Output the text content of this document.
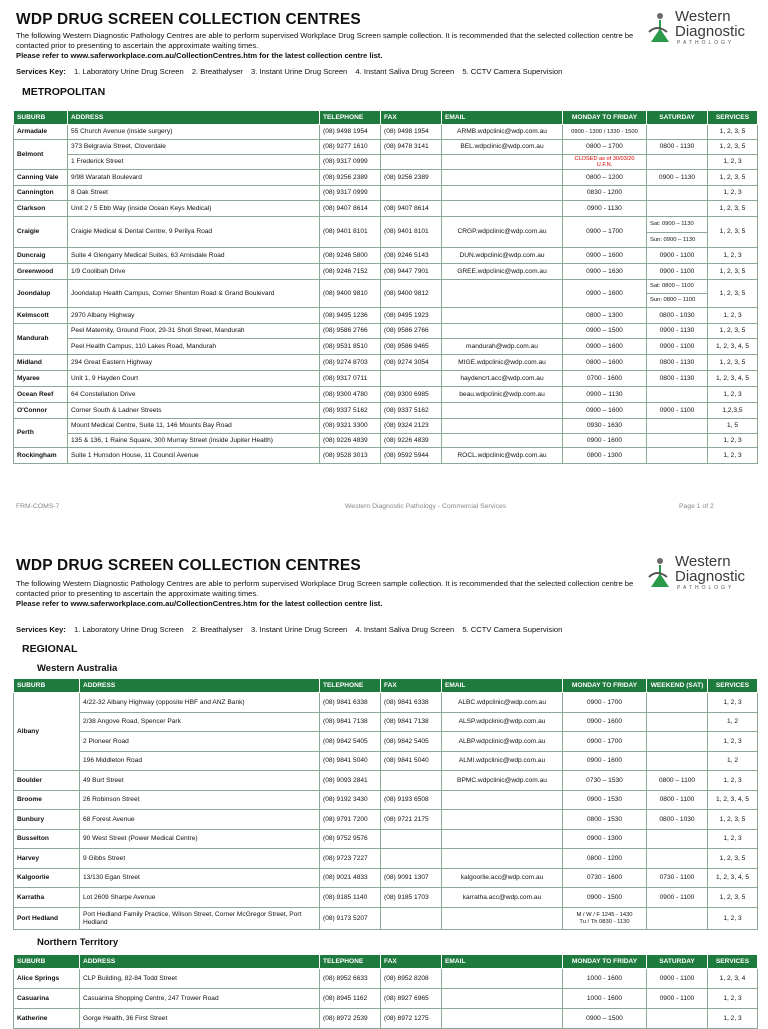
WDP DRUG SCREEN COLLECTION CENTRES	Western
Diagnostic
PATHOLOGY
The following Western Diagnostic Pathology Centres are able to perform supervised Workplace Drug Screen sample collection. It is recommended that the selected collection centre be contacted prior to presenting to ascertain the approximate waiting times.
Please refer to www.saferworkplace.com.au/CollectionCentres.htm for the latest collection centre list.
Services Key: 1. Laboratory Urine Drug Screen 2. Breathalyser 3. Instant Urine Drug Screen 4. Instant Saliva Drug Screen 5. CCTV Camera Supervision
METROPOLITAN
SUBURB	ADDRESS	TELEPHONE	FAX	EMAIL	MONDAY TO FRIDAY	SATURDAY	SERVICES
Armadale	55 Church Avenue (inside surgery)	(08) 9498 1954	(08) 9498 1954	ARMB.wdpclinic@wdp.com.au	0900 - 1300 / 1330 - 1500		1, 2, 3, 5
Belmont	373 Belgravia Street, Cloverdale	(08) 9277 1610	(08) 9478 3141	BEL.wdpclinic@wdp.com.au	0800 – 1700	0800 - 1130	1, 2, 3, 5
	1 Frederick Street	(08) 9317 0999			CLOSED as of 30/03/20 U.F.N.		1, 2, 3
Canning Vale	9/98 Waratah Boulevard	(08) 9256 2389	(08) 9256 2389		0800 – 1200	0900 – 1130	1, 2, 3, 5
Cannington	8 Oak Street	(08) 9317 0999			0830 - 1200		1, 2, 3
Clarkson	Unit 2 / 5 Ebb Way (inside Ocean Keys Medical)	(08) 9407 8614	(08) 9407 8614		0900 - 1130		1, 2, 3, 5
Craigie	Craigie Medical & Dental Centre, 9 Perilya Road	(08) 9401 8101	(08) 9401 8101	CRGP.wdpclinic@wdp.com.au	0900 – 1700	Sat: 0900 – 1130
Sun: 0900 – 1130	1, 2, 3, 5
Duncraig	Suite 4 Glengarry Medical Suites, 63 Arnisdale Road	(08) 9246 5800	(08) 9246 5143	DUN.wdpclinic@wdp.com.au	0900 – 1600	0900 - 1100	1, 2, 3
Greenwood	1/9 Coolibah Drive	(08) 9246 7152	(08) 9447 7901	GREE.wdpclinic@wdp.com.au	0900 – 1630	0900 - 1100	1, 2, 3, 5
Joondalup	Joondalup Health Campus, Corner Shenton Road & Grand Boulevard	(08) 9400 9810	(08) 9400 9812		0900 – 1600	Sat: 0800 – 1100
Sun: 0800 – 1100	1, 2, 3, 5
Kelmscott	2970 Albany Highway	(08) 9495 1236	(08) 9495 1923		0800 – 1300	0800 - 1030	1, 2, 3
Mandurah	Peel Maternity, Ground Floor, 29-31 Sholl Street, Mandurah	(08) 9586 2766	(08) 9586 2766		0900 – 1500	0900 - 1130	1, 2, 3, 5
	Peel Health Campus, 110 Lakes Road, Mandurah	(08) 9531 8510	(08) 9586 9465	mandurah@wdp.com.au	0900 – 1600	0900 - 1100	1, 2, 3, 4, 5
Midland	294 Great Eastern Highway	(08) 9274 8703	(08) 9274 3054	MIGE.wdpclinic@wdp.com.au	0800 – 1600	0800 - 1130	1, 2, 3, 5
Myaree	Unit 1, 9 Hayden Court	(08) 9317 0711		haydencrt.acc@wdp.com.au	0700 - 1600	0800 - 1130	1, 2, 3, 4, 5
Ocean Reef	64 Constellation Drive	(08) 9300 4780	(08) 9300 6985	beau.wdpclinic@wdp.com.au	0900 – 1130		1, 2, 3
O'Connor	Corner South & Ladner Streets	(08) 9337 5162	(08) 9337 5162		0900 – 1600	0900 - 1100	1,2,3,5
Perth	Mount Medical Centre, Suite 11, 146 Mounts Bay Road	(08) 9321 3300	(08) 9324 2123		0930 - 1630		1, 5
	135 & 136, 1 Raine Square, 300 Murray Street (inside Jupiter Health)	(08) 9226 4839	(08) 9226 4839		0900 - 1600		1, 2, 3
Rockingham	Suite 1 Hunsdon House, 11 Council Avenue	(08) 9528 3013	(08) 9592 5944	ROCL.wdpclinic@wdp.com.au	0800 - 1300		1, 2, 3
FRM-COMS-7	Western Diagnostic Pathology - Commercial Services	Page 1 of 2
WDP DRUG SCREEN COLLECTION CENTRES	Western
Diagnostic
PATHOLOGY
The following Western Diagnostic Pathology Centres are able to perform supervised Workplace Drug Screen sample collection. It is recommended that the selected collection centre be contacted prior to presenting to ascertain the approximate waiting times.
Please refer to www.saferworkplace.com.au/CollectionCentres.htm for the latest collection centre list.
Services Key: 1. Laboratory Urine Drug Screen 2. Breathalyser 3. Instant Urine Drug Screen 4. Instant Saliva Drug Screen 5. CCTV Camera Supervision
REGIONAL
Western Australia
SUBURB	ADDRESS	TELEPHONE	FAX	EMAIL	MONDAY TO FRIDAY	WEEKEND (SAT)	SERVICES
Albany	4/22-32 Albany Highway (opposite HBF and ANZ Bank)	(08) 9841 6338	(08) 9841 6338	ALBC.wdpclinic@wdp.com.au	0900 - 1700		1, 2, 3
	2/38 Angove Road, Spencer Park	(08) 9841 7138	(08) 9841 7138	ALSP.wdpclinic@wdp.com.au	0900 - 1600		1, 2
	2 Pioneer Road	(08) 9842 5405	(08) 9842 5405	ALBP.wdpclinic@wdp.com.au	0900 - 1700		1, 2, 3
	196 Middleton Road	(08) 9841 5040	(08) 9841 5040	ALMI.wdpclinic@wdp.com.au	0900 - 1600		1, 2
Boulder	49 Burt Street	(08) 9093 2841		BPMC.wdpclinic@wdp.com.au	0730 – 1530	0800 – 1100	1, 2, 3
Broome	26 Robinson Street	(08) 9192 3430	(08) 9193 6508		0900 - 1530	0800 - 1100	1, 2, 3, 4, 5
Bunbury	68 Forest Avenue	(08) 9791 7200	(08) 9721 2175		0800 - 1530	0800 - 1030	1, 2, 3, 5
Busselton	90 West Street (Power Medical Centre)	(08) 9752 9576			0900 - 1300		1, 2, 3
Harvey	9 Gibbs Street	(08) 9723 7227			0800 - 1200		1, 2, 3, 5
Kalgoorlie	13/130 Egan Street	(08) 9021 4833	(08) 9091 1307	kalgoorlie.acc@wdp.com.au	0730 - 1600	0730 - 1100	1, 2, 3, 4, 5
Karratha	Lot 2609 Sharpe Avenue	(08) 9185 1140	(08) 9185 1703	karratha.acc@wdp.com.au	0900 - 1500	0900 - 1100	1, 2, 3, 5
Port Hedland	Port Hedland Family Practice, Wilson Street, Corner McGregor Street, Port Hedland	(08) 9173 5207			M / W / F 1245 - 1430
Tu / Th 0830 - 1130		1, 2, 3
Northern Territory
SUBURB	ADDRESS	TELEPHONE	FAX	EMAIL	MONDAY TO FRIDAY	SATURDAY	SERVICES
Alice Springs	CLP Building, 82-84 Todd Street	(08) 8952 6633	(08) 8952 8208		1000 - 1600	0900 - 1100	1, 2, 3, 4
Casuarina	Casuarina Shopping Centre, 247 Trower Road	(08) 8945 1162	(08) 8927 6965		1000 - 1600	0900 - 1100	1, 2, 3
Katherine	Gorge Health, 36 First Street	(08) 8972 2539	(08) 8972 1275		0900 – 1500		1, 2, 3
